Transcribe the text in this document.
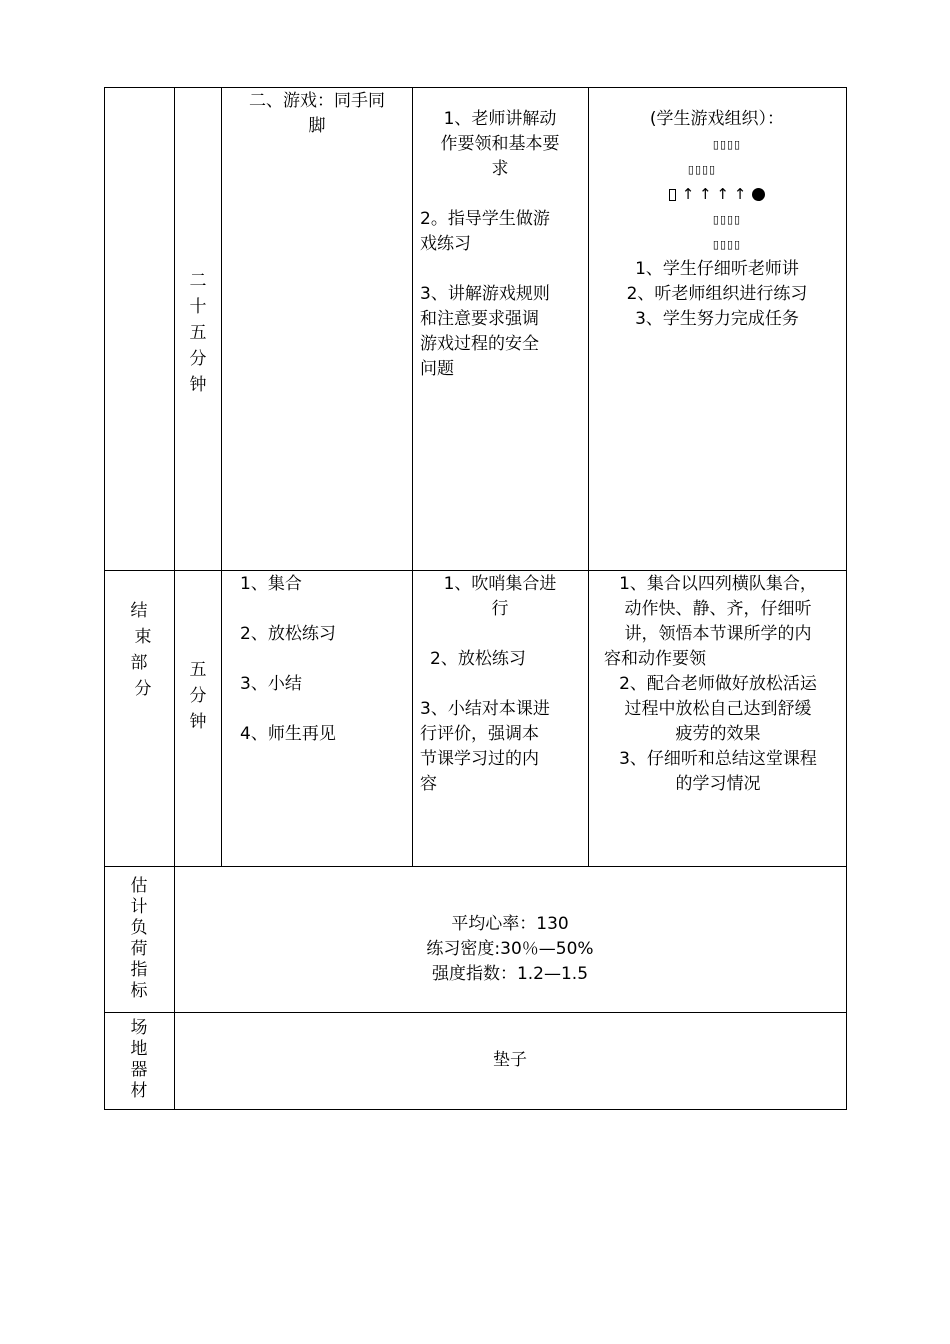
二
十
五
分
钟

二、游戏：同手同

脚	1、老师讲解动

作要领和基本要

求

2。指导学生做游

戏练习

3、讲解游戏规则

和注意要求强调

游戏过程的安全

问题

(学生游戏组织）：

▯▯▯▯
▯▯▯▯
↑ ↑ ↑ ↑
▯▯▯▯
▯▯▯▯

1、学生仔细听老师讲

2、听老师组织进行练习

3、学生努力完成任务

结
束
部
分
五
分
钟

1、集合

2、放松练习

3、小结

4、师生再见

1、吹哨集合进

行

2、放松练习

3、小结对本课进

行评价，强调本

节课学习过的内

容

1、集合以四列横队集合，

动作快、静、齐，仔细听

讲，领悟本节课所学的内

容和动作要领

2、配合老师做好放松活运

过程中放松自己达到舒缓

疲劳的效果

3、仔细听和总结这堂课程

的学习情况

估
计
负
荷
指
标

平均心率：130

练习密度:30％—50%

强度指数：1.2—1.5

场
地
器
材

垫子
